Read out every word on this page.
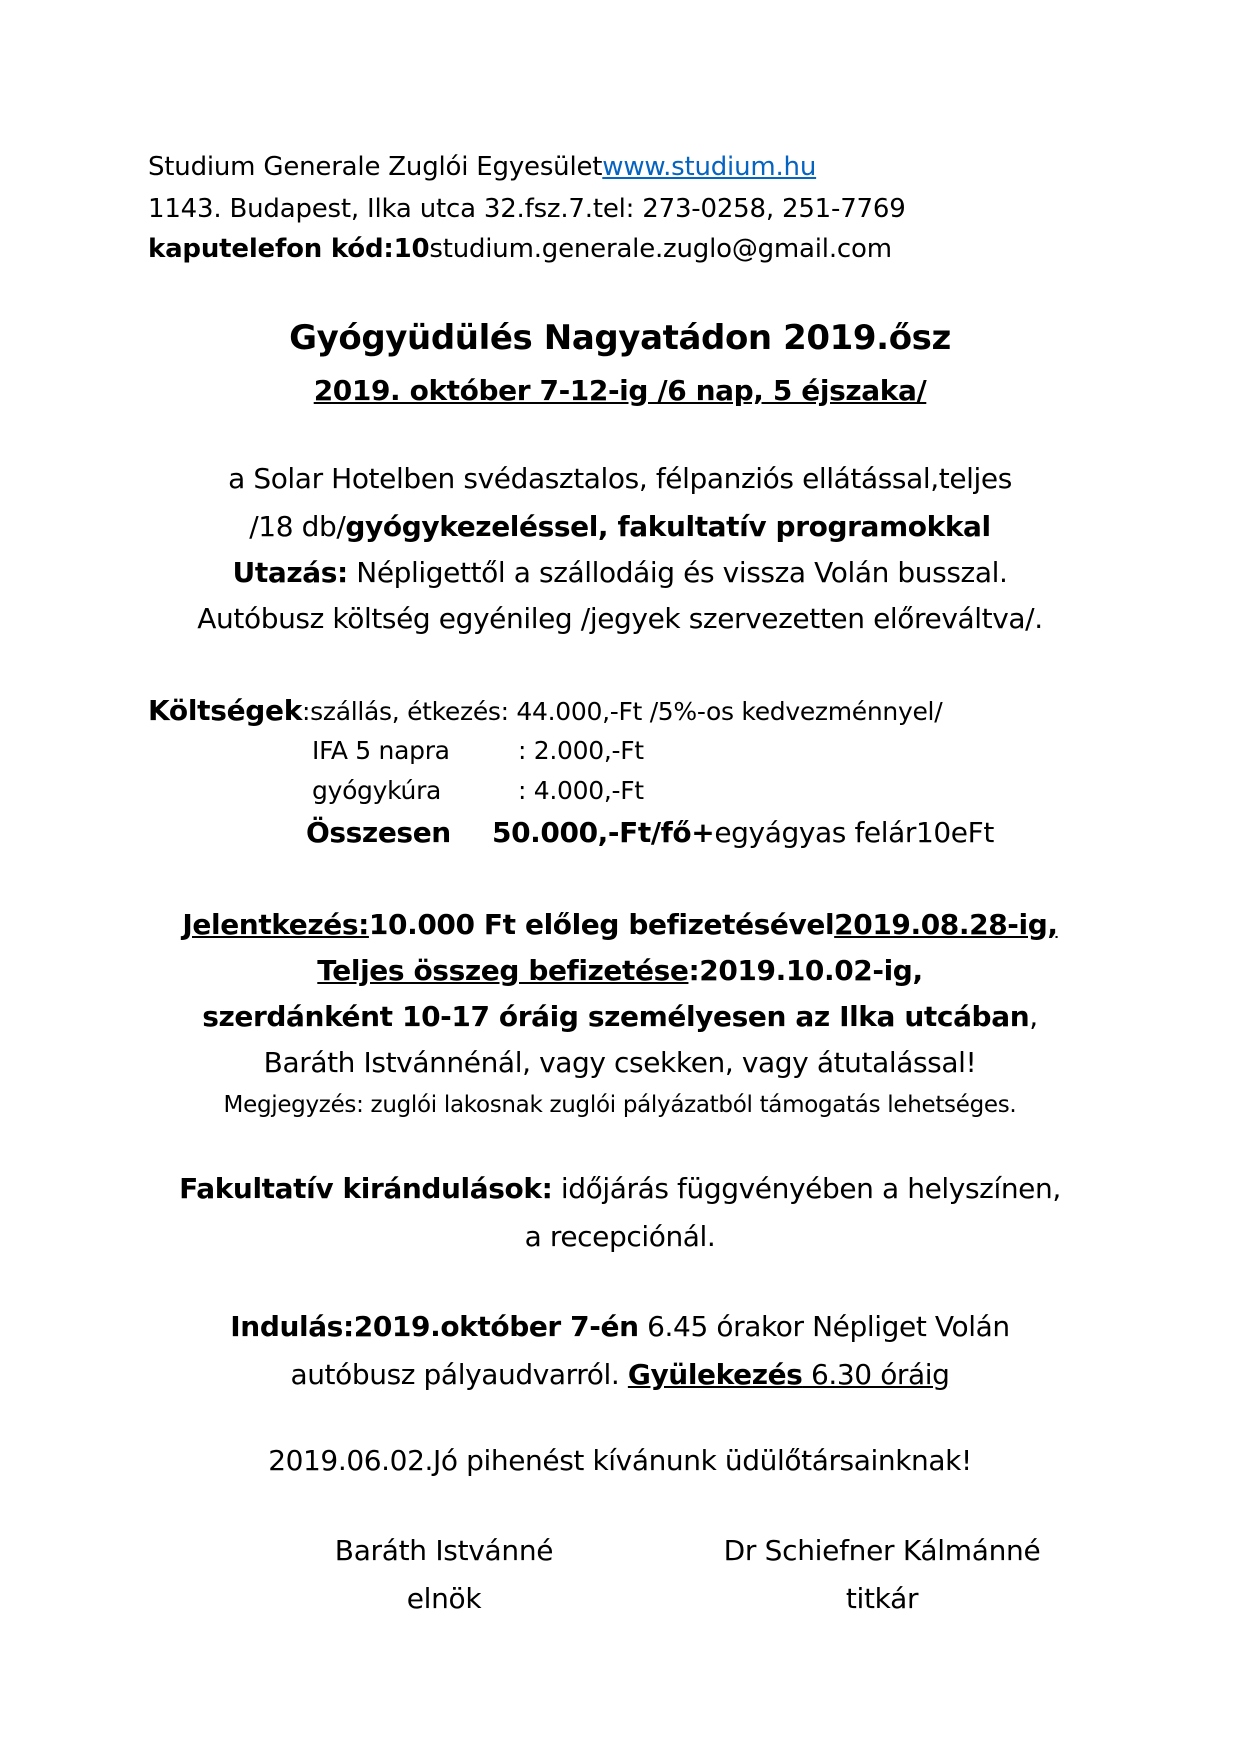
Studium Generale Zuglói Egyesületwww.studium.hu
1143. Budapest, Ilka utca 32.fsz.7.tel: 273-0258, 251-7769
kaputelefon kód:10studium.generale.zuglo@gmail.com
Gyógyüdülés Nagyatádon 2019.ősz
2019. október 7-12-ig /6 nap, 5 éjszaka/
a Solar Hotelben svédasztalos, félpanziós ellátással,teljes
/18 db/gyógykezeléssel, fakultatív programokkal
Utazás: Népligettől a szállodáig és vissza Volán busszal.
Autóbusz költség egyénileg /jegyek szervezetten előreváltva/.
Költségek:szállás, étkezés: 44.000,-Ft /5%-os kedvezménnyel/
IFA 5 napra	: 2.000,-Ft
gyógykúra	: 4.000,-Ft
Összesen 50.000,-Ft/fő+egyágyas felár10eFt
Jelentkezés:10.000 Ft előleg befizetésével2019.08.28-ig,
Teljes összeg befizetése:2019.10.02-ig,
szerdánként 10-17 óráig személyesen az Ilka utcában,
Baráth Istvánnénál, vagy csekken, vagy átutalással!
Megjegyzés: zuglói lakosnak zuglói pályázatból támogatás lehetséges.
Fakultatív kirándulások: időjárás függvényében a helyszínen,
a recepciónál.
Indulás:2019.október 7-én 6.45 órakor Népliget Volán
autóbusz pályaudvarról. Gyülekezés 6.30 óráig
2019.06.02.Jó pihenést kívánunk üdülőtársainknak!
Baráth Istvánné
elnök
Dr Schiefner Kálmánné
titkár
